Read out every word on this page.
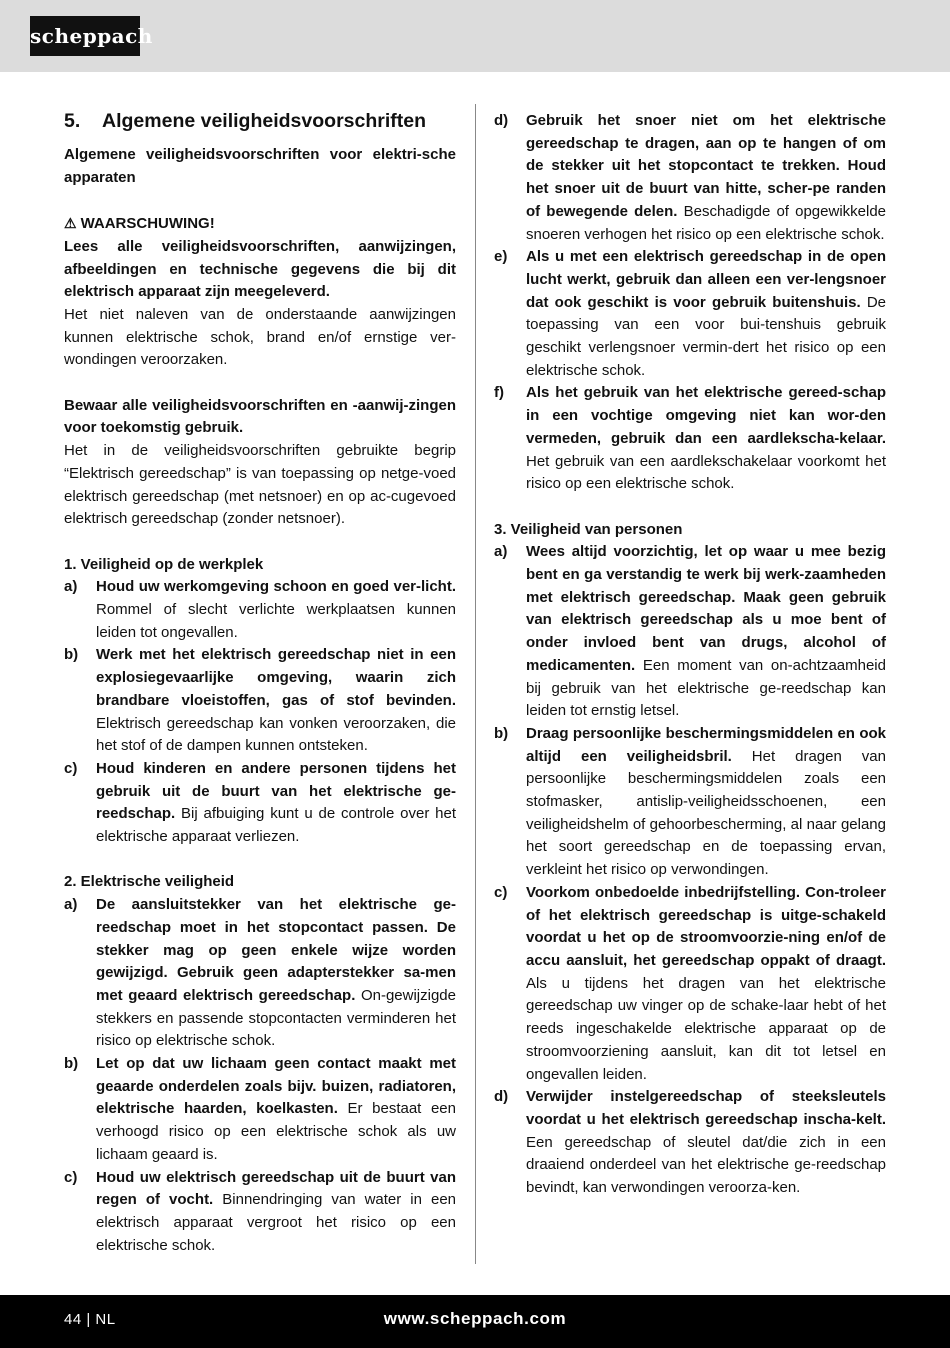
scheppach
5. Algemene veiligheidsvoorschriften

Algemene veiligheidsvoorschriften voor elektri-sche apparaten

⚠ WAARSCHUWING!

Lees alle veiligheidsvoorschriften, aanwijzingen, afbeeldingen en technische gegevens die bij dit elektrisch apparaat zijn meegeleverd.

Het niet naleven van de onderstaande aanwijzingen kunnen elektrische schok, brand en/of ernstige ver-wondingen veroorzaken.

Bewaar alle veiligheidsvoorschriften en -aanwij-zingen voor toekomstig gebruik.

Het in de veiligheidsvoorschriften gebruikte begrip “Elektrisch gereedschap” is van toepassing op netge-voed elektrisch gereedschap (met netsnoer) en op ac-cugevoed elektrisch gereedschap (zonder netsnoer).

1. Veiligheid op de werkplek

a) Houd uw werkomgeving schoon en goed ver-licht. Rommel of slecht verlichte werkplaatsen kunnen leiden tot ongevallen.
b) Werk met het elektrisch gereedschap niet in een explosiegevaarlijke omgeving, waarin zich brandbare vloeistoffen, gas of stof bevinden. Elektrisch gereedschap kan vonken veroorzaken, die het stof of de dampen kunnen ontsteken.
c) Houd kinderen en andere personen tijdens het gebruik uit de buurt van het elektrische ge-reedschap. Bij afbuiging kunt u de controle over het elektrische apparaat verliezen.

2. Elektrische veiligheid

a) De aansluitstekker van het elektrische ge-reedschap moet in het stopcontact passen. De stekker mag op geen enkele wijze worden gewijzigd. Gebruik geen adapterstekker sa-men met geaard elektrisch gereedschap. On-gewijzigde stekkers en passende stopcontacten verminderen het risico op elektrische schok.
b) Let op dat uw lichaam geen contact maakt met geaarde onderdelen zoals bijv. buizen, radiatoren, elektrische haarden, koelkasten. Er bestaat een verhoogd risico op een elektrische schok als uw lichaam geaard is.
c) Houd uw elektrisch gereedschap uit de buurt van regen of vocht. Binnendringing van water in een elektrisch apparaat vergroot het risico op een elektrische schok.
d) Gebruik het snoer niet om het elektrische gereedschap te dragen, aan op te hangen of om de stekker uit het stopcontact te trekken. Houd het snoer uit de buurt van hitte, scher-pe randen of bewegende delen. Beschadigde of opgewikkelde snoeren verhogen het risico op een elektrische schok.
e) Als u met een elektrisch gereedschap in de open lucht werkt, gebruik dan alleen een ver-lengsnoer dat ook geschikt is voor gebruik buitenshuis. De toepassing van een voor bui-tenshuis gebruik geschikt verlengsnoer vermin-dert het risico op een elektrische schok.
f) Als het gebruik van het elektrische gereed-schap in een vochtige omgeving niet kan wor-den vermeden, gebruik dan een aardlekscha-kelaar. Het gebruik van een aardlekschakelaar voorkomt het risico op een elektrische schok.

3. Veiligheid van personen

a) Wees altijd voorzichtig, let op waar u mee bezig bent en ga verstandig te werk bij werk-zaamheden met elektrisch gereedschap. Maak geen gebruik van elektrisch gereedschap als u moe bent of onder invloed bent van drugs, alcohol of medicamenten. Een moment van on-achtzaamheid bij gebruik van het elektrische ge-reedschap kan leiden tot ernstig letsel.
b) Draag persoonlijke beschermingsmiddelen en ook altijd een veiligheidsbril. Het dragen van persoonlijke beschermingsmiddelen zoals een stofmasker, antislip-veiligheidsschoenen, een veiligheidshelm of gehoorbescherming, al naar gelang het soort gereedschap en de toepassing ervan, verkleint het risico op verwondingen.
c) Voorkom onbedoelde inbedrijfstelling. Con-troleer of het elektrisch gereedschap is uitge-schakeld voordat u het op de stroomvoorzie-ning en/of de accu aansluit, het gereedschap oppakt of draagt. Als u tijdens het dragen van het elektrische gereedschap uw vinger op de schake-laar hebt of het reeds ingeschakelde elektrische apparaat op de stroomvoorziening aansluit, kan dit tot letsel en ongevallen leiden.
d) Verwijder instelgereedschap of steeksleutels voordat u het elektrisch gereedschap inscha-kelt. Een gereedschap of sleutel dat/die zich in een draaiend onderdeel van het elektrische ge-reedschap bevindt, kan verwondingen veroorza-ken.
44 | NL	www.scheppach.com
